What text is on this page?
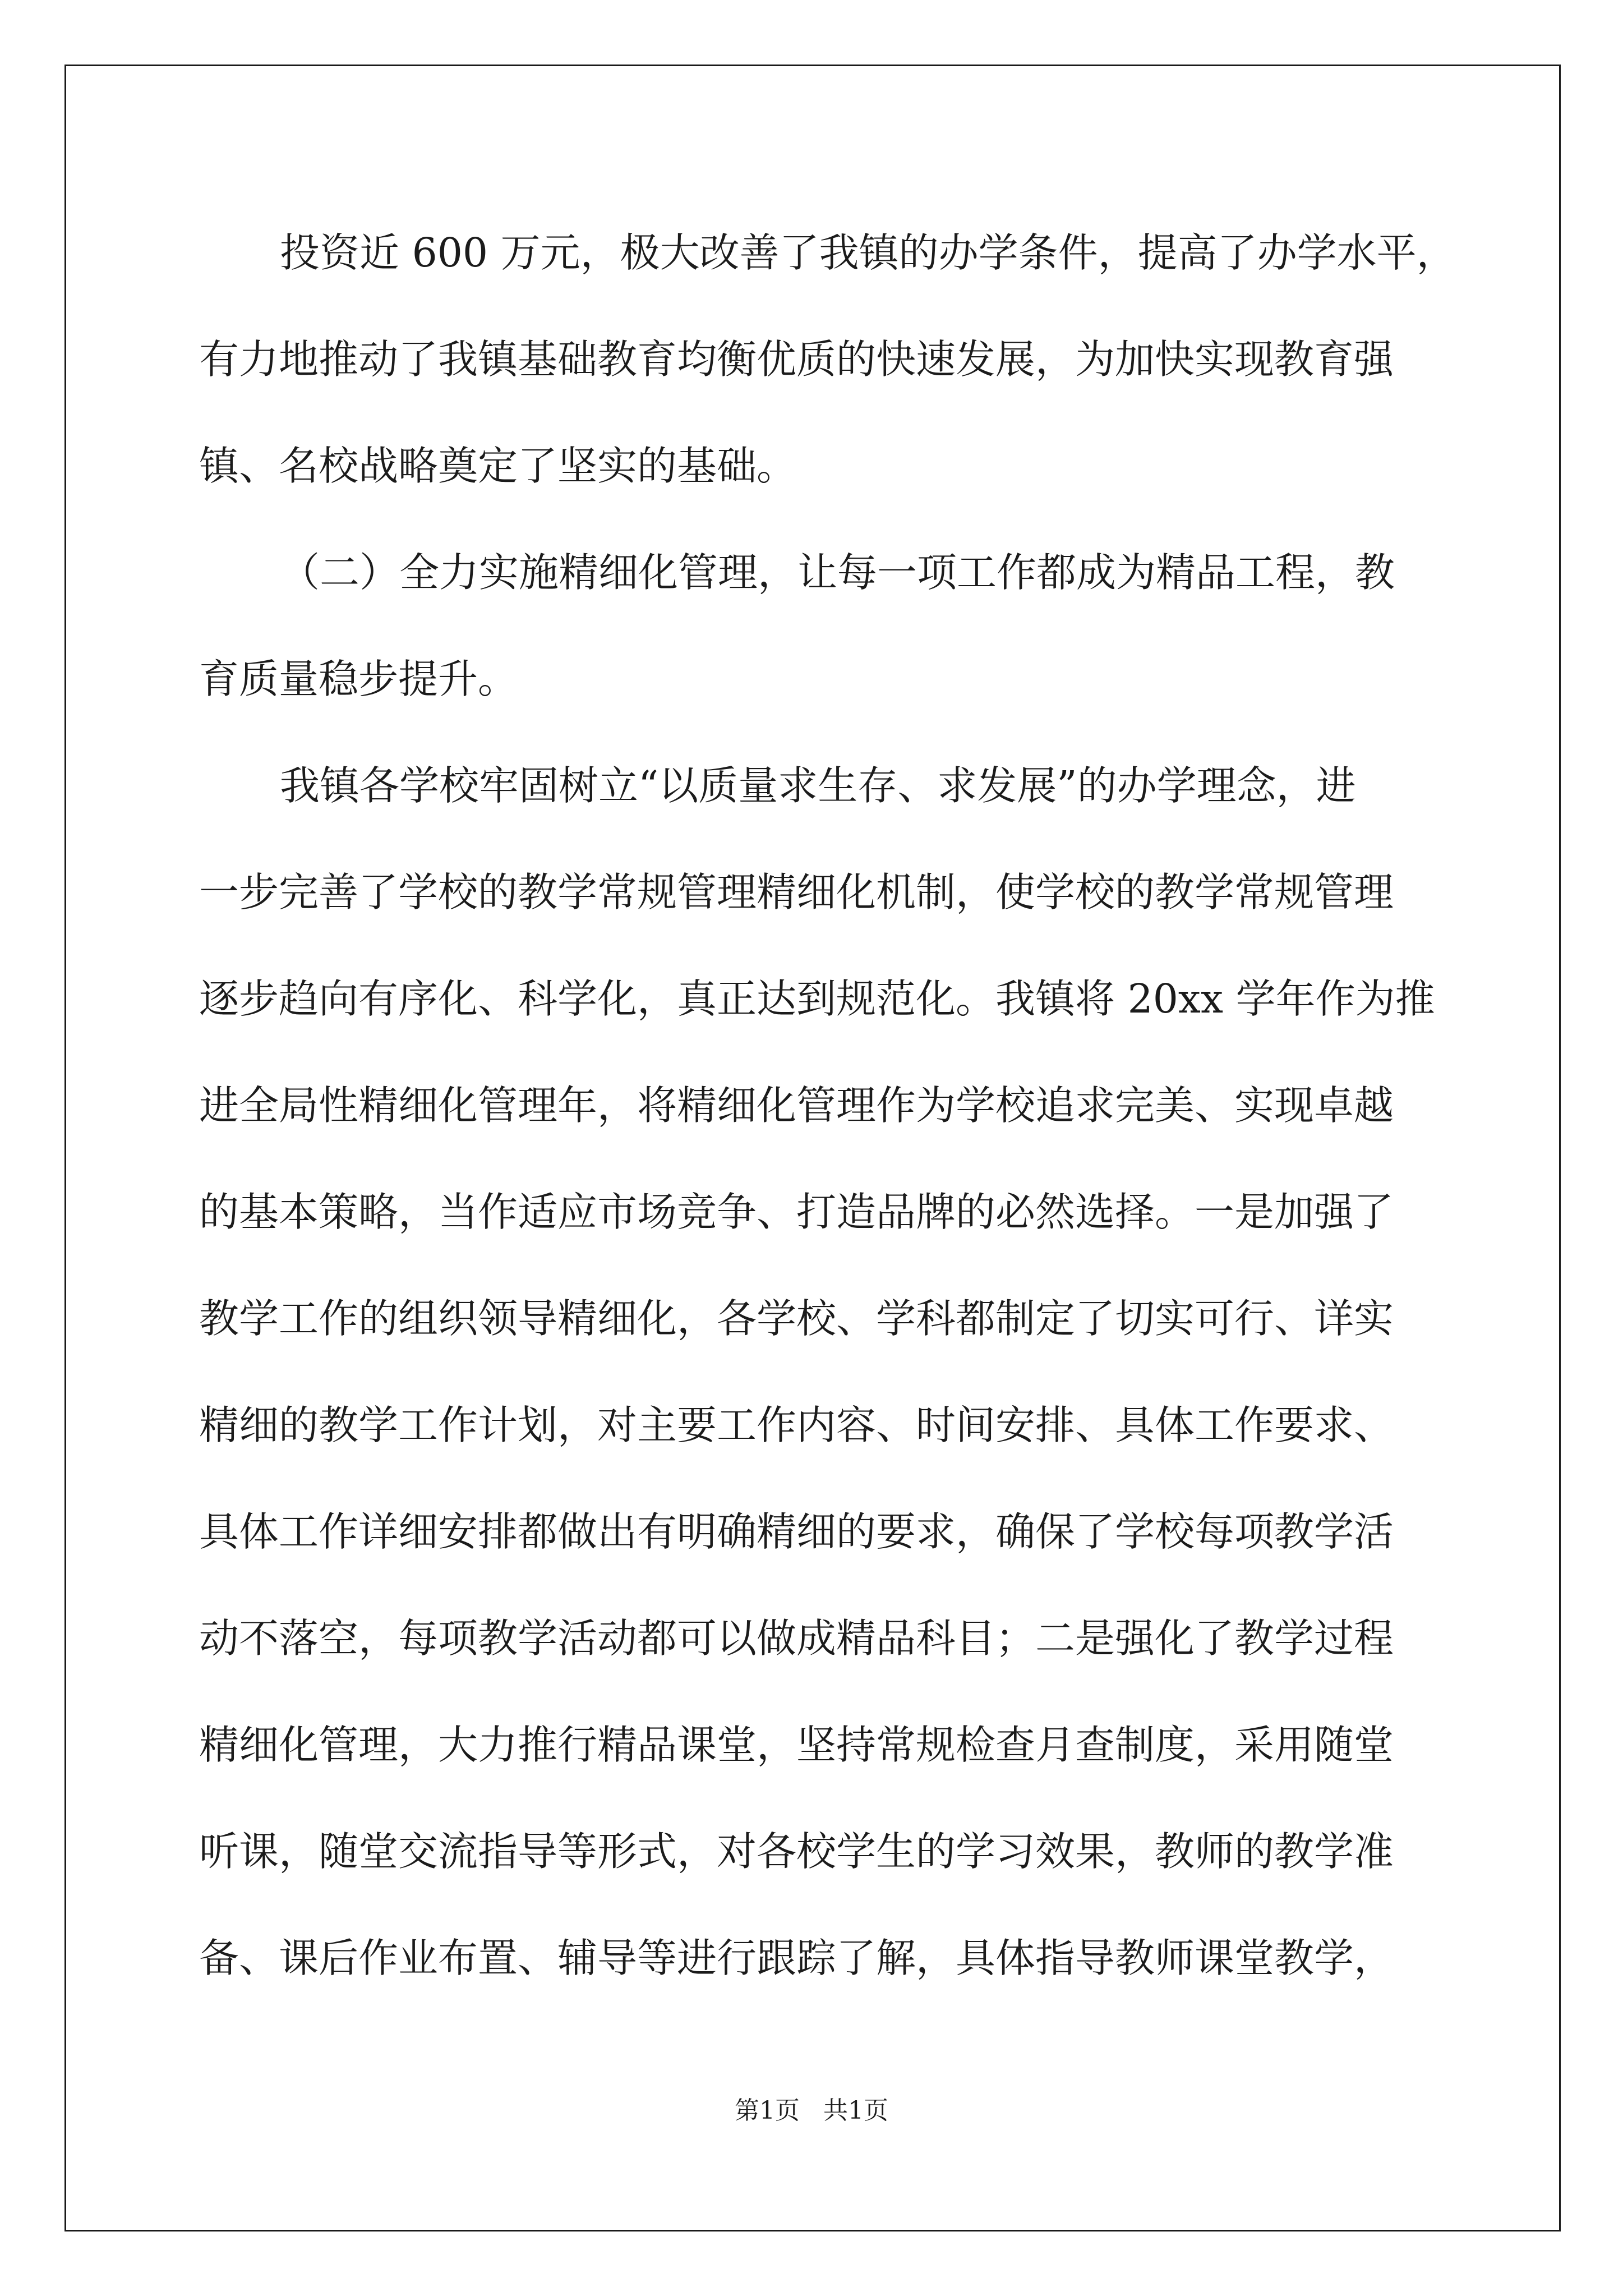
投资近 600 万元，极大改善了我镇的办学条件，提高了办学水平，
有力地推动了我镇基础教育均衡优质的快速发展，为加快实现教育强
镇、名校战略奠定了坚实的基础。
（二）全力实施精细化管理，让每一项工作都成为精品工程，教
育质量稳步提升。
我镇各学校牢固树立“以质量求生存、求发展”的办学理念，进
一步完善了学校的教学常规管理精细化机制，使学校的教学常规管理
逐步趋向有序化、科学化，真正达到规范化。我镇将 20xx 学年作为推
进全局性精细化管理年，将精细化管理作为学校追求完美、实现卓越
的基本策略，当作适应市场竞争、打造品牌的必然选择。一是加强了
教学工作的组织领导精细化，各学校、学科都制定了切实可行、详实
精细的教学工作计划，对主要工作内容、时间安排、具体工作要求、
具体工作详细安排都做出有明确精细的要求，确保了学校每项教学活
动不落空，每项教学活动都可以做成精品科目；二是强化了教学过程
精细化管理，大力推行精品课堂，坚持常规检查月查制度，采用随堂
听课，随堂交流指导等形式，对各校学生的学习效果，教师的教学准
备、课后作业布置、辅导等进行跟踪了解，具体指导教师课堂教学，
第1页   共1页
